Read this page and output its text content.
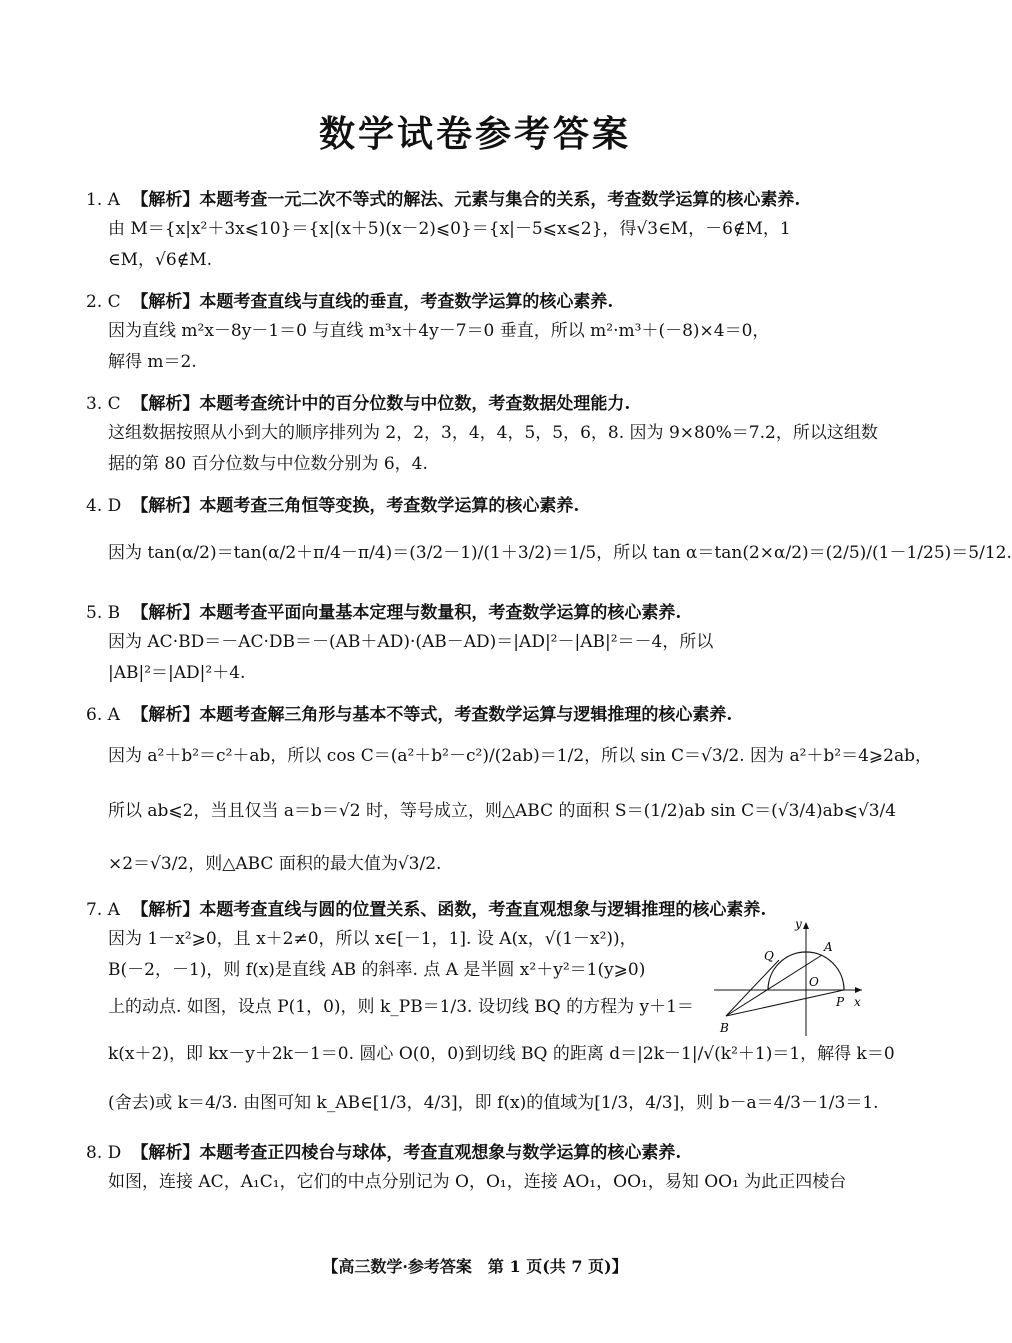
数学试卷参考答案
1. A 【解析】本题考查一元二次不等式的解法、元素与集合的关系，考查数学运算的核心素养.
由 M＝{x|x²＋3x⩽10}＝{x|(x＋5)(x－2)⩽0}＝{x|－5⩽x⩽2}，得√3∈M，－6∉M，1
∈M，√6∉M.
2. C 【解析】本题考查直线与直线的垂直，考查数学运算的核心素养.
因为直线 m²x－8y－1＝0 与直线 m³x＋4y－7＝0 垂直，所以 m²·m³＋(－8)×4＝0，
解得 m＝2.
3. C 【解析】本题考查统计中的百分位数与中位数，考查数据处理能力.
这组数据按照从小到大的顺序排列为 2，2，3，4，4，5，5，6，8. 因为 9×80%＝7.2，所以这组数
据的第 80 百分位数与中位数分别为 6，4.
4. D 【解析】本题考查三角恒等变换，考查数学运算的核心素养.
因为 tan(α/2)＝tan(α/2＋π/4－π/4)＝(3/2－1)/(1＋3/2)＝1/5，所以 tan α＝tan(2×α/2)＝(2/5)/(1－1/25)＝5/12.
5. B 【解析】本题考查平面向量基本定理与数量积，考查数学运算的核心素养.
因为 AC·BD＝－AC·DB＝－(AB＋AD)·(AB－AD)＝|AD|²－|AB|²＝－4，所以
|AB|²＝|AD|²＋4.
6. A 【解析】本题考查解三角形与基本不等式，考查数学运算与逻辑推理的核心素养.
因为 a²＋b²＝c²＋ab，所以 cos C＝(a²＋b²－c²)/(2ab)＝1/2，所以 sin C＝√3/2. 因为 a²＋b²＝4⩾2ab，
所以 ab⩽2，当且仅当 a＝b＝√2 时，等号成立，则△ABC 的面积 S＝(1/2)ab sin C＝(√3/4)ab⩽√3/4
×2＝√3/2，则△ABC 面积的最大值为√3/2.
7. A 【解析】本题考查直线与圆的位置关系、函数，考查直观想象与逻辑推理的核心素养.
y
x
Q
A
O
P
B
因为 1－x²⩾0，且 x＋2≠0，所以 x∈[－1，1]. 设 A(x，√(1－x²))，
B(－2，－1)，则 f(x)是直线 AB 的斜率. 点 A 是半圆 x²＋y²＝1(y⩾0)
上的动点. 如图，设点 P(1，0)，则 k_PB＝1/3. 设切线 BQ 的方程为 y＋1＝
k(x＋2)，即 kx－y＋2k－1＝0. 圆心 O(0，0)到切线 BQ 的距离 d＝|2k－1|/√(k²＋1)＝1，解得 k＝0
(舍去)或 k＝4/3. 由图可知 k_AB∈[1/3，4/3]，即 f(x)的值域为[1/3，4/3]，则 b－a＝4/3－1/3＝1.
8. D 【解析】本题考查正四棱台与球体，考查直观想象与数学运算的核心素养.
如图，连接 AC，A₁C₁，它们的中点分别记为 O，O₁，连接 AO₁，OO₁，易知 OO₁ 为此正四棱台
【高三数学·参考答案　第 1 页(共 7 页)】
